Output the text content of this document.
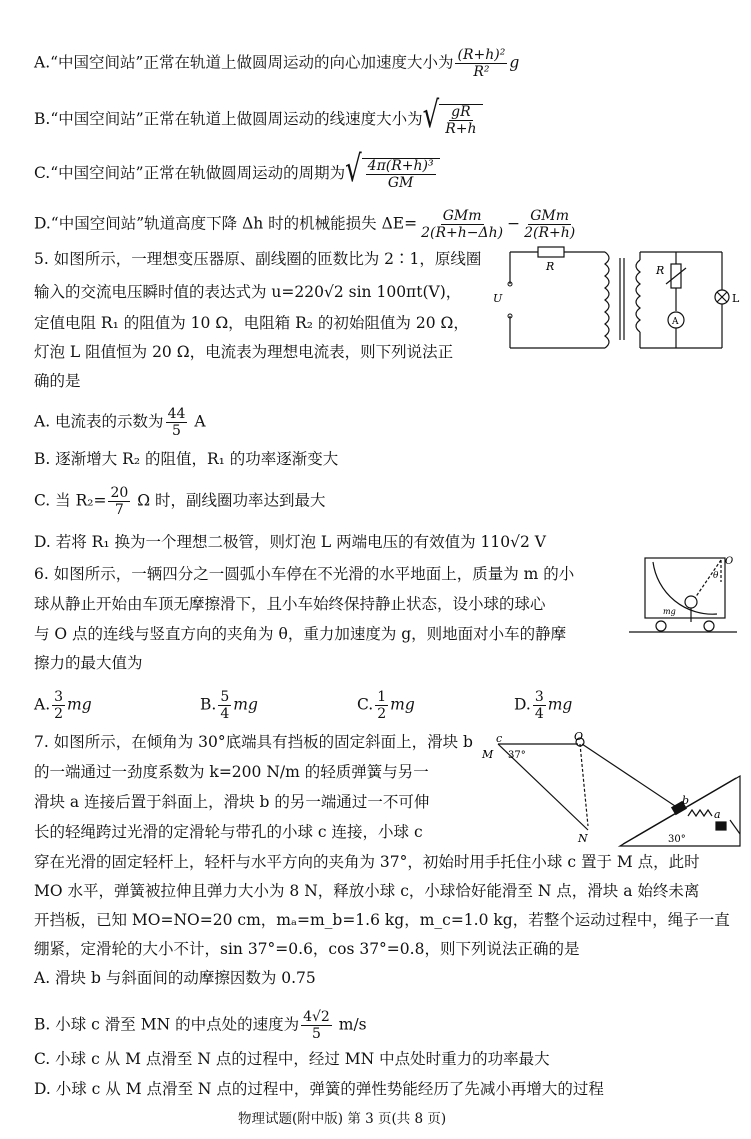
A.“中国空间站”正常在轨道上做圆周运动的向心加速度大小为 $\frac{\text{(R+h)²}}{\text{R²}}$ g
B.“中国空间站”正常在轨道上做圆周运动的线速度大小为 √ $\frac{gR}{R+h}$
C.“中国空间站”正常在轨做圆周运动的周期为 √ $\frac{\text{4π(R+h)³}}{GM}$
D.“中国空间站”轨道高度下降 Δh 时的机械能损失 $\Delta E= \frac{\text{GMm}}{2(R+h-\Delta h)} - \frac{\text{GMm}}{2(R+h)}$
5. 如图所示，一理想变压器原、副线圈的匝数比为 2∶1，原线圈
输入的交流电压瞬时值的表达式为 u=220√2 sin 100πt(V)，
定值电阻 R₁ 的阻值为 10 Ω，电阻箱 R₂ 的初始阻值为 20 Ω，
灯泡 L 阻值恒为 20 Ω，电流表为理想电流表，则下列说法正
确的是
R
U
R
A
L
A. 电流表的示数为 $\frac{44}{5}$ A
B. 逐渐增大 R₂ 的阻值，R₁ 的功率逐渐变大
C. 当 $R_2= \frac{20}{7}$ Ω 时，副线圈功率达到最大
D. 若将 R₁ 换为一个理想二极管，则灯泡 L 两端电压的有效值为 110√2 V
6. 如图所示，一辆四分之一圆弧小车停在不光滑的水平地面上，质量为 m 的小
球从静止开始由车顶无摩擦滑下，且小车始终保持静止状态，设小球的球心
与 O 点的连线与竖直方向的夹角为 θ，重力加速度为 g，则地面对小车的静摩
擦力的最大值为
O
θ
mg
A. $\frac{3}{2}$ mg	B. $\frac{5}{4}$ mg	C. $\frac{1}{2}$ mg	D. $\frac{3}{4}$ mg
7. 如图所示，在倾角为 30°底端具有挡板的固定斜面上，滑块 b
的一端通过一劲度系数为 k=200 N/m 的轻质弹簧与另一
滑块 a 连接后置于斜面上，滑块 b 的另一端通过一不可伸
长的轻绳跨过光滑的定滑轮与带孔的小球 c 连接，小球 c
穿在光滑的固定轻杆上，轻杆与水平方向的夹角为 37°，初始时用手托住小球 c 置于 M 点，此时
MO 水平，弹簧被拉伸且弹力大小为 8 N，释放小球 c，小球恰好能滑至 N 点，滑块 a 始终未离
开挡板，已知 MO=NO=20 cm，mₐ=m_b=1.6 kg，m_c=1.0 kg，若整个运动过程中，绳子一直
绷紧，定滑轮的大小不计，sin 37°=0.6，cos 37°=0.8，则下列说法正确的是
c
M 37°
O
N
b
a
30°
A. 滑块 b 与斜面间的动摩擦因数为 0.75
B. 小球 c 滑至 MN 的中点处的速度为 $\frac{4√2}{5} m/s$
C. 小球 c 从 M 点滑至 N 点的过程中，经过 MN 中点处时重力的功率最大
D. 小球 c 从 M 点滑至 N 点的过程中，弹簧的弹性势能经历了先减小再增大的过程
物理试题(附中版) 第 3 页(共 8 页)
